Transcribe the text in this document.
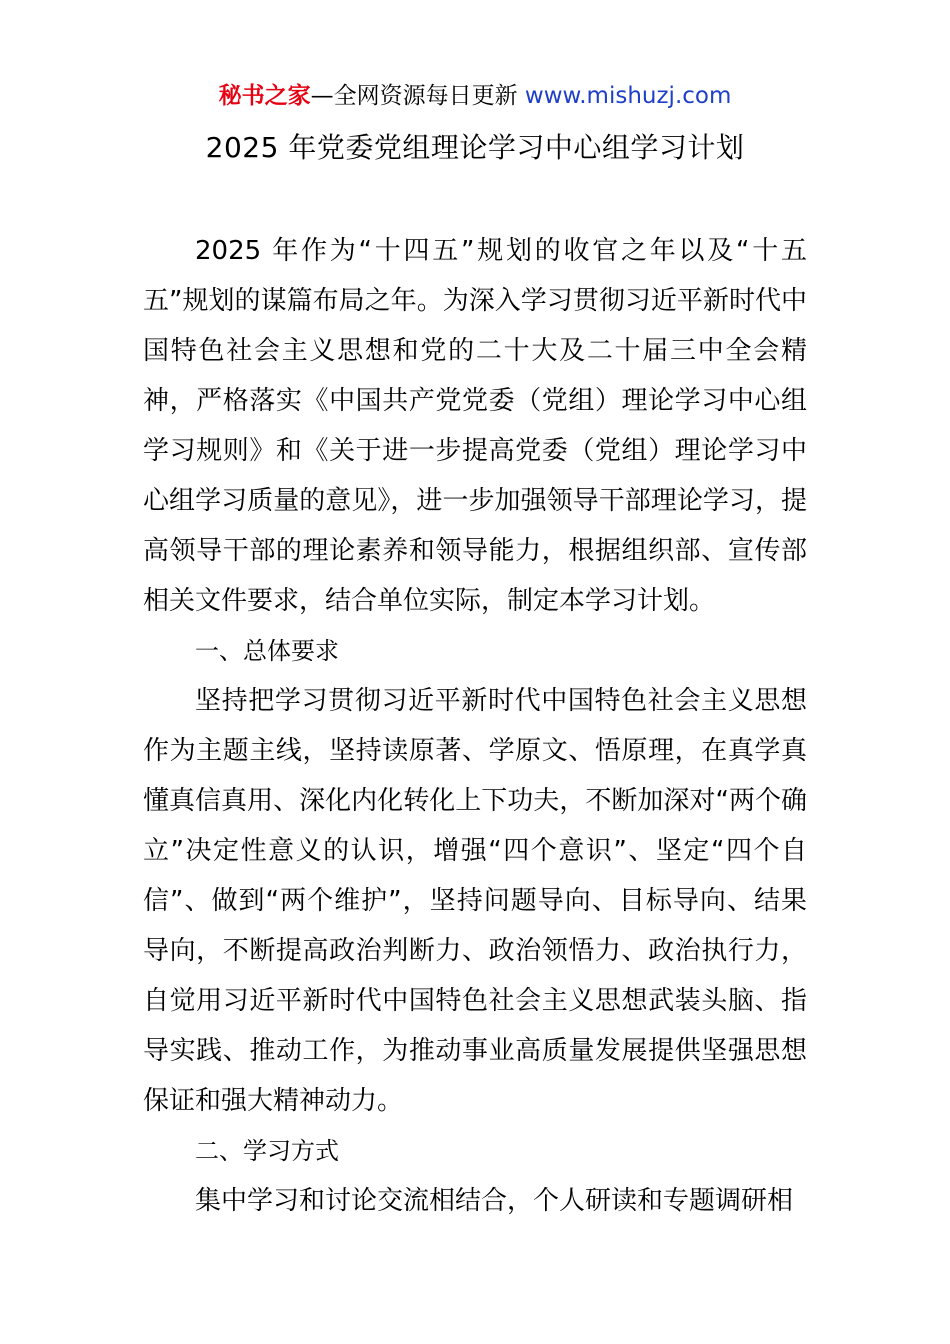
秘书之家—全网资源每日更新 www.mishuzj.com
2025 年党委党组理论学习中心组学习计划

2025 年作为“十四五”规划的收官之年以及“十五五”规划的谋篇布局之年。为深入学习贯彻习近平新时代中国特色社会主义思想和党的二十大及二十届三中全会精神，严格落实《中国共产党党委（党组）理论学习中心组学习规则》和《关于进一步提高党委（党组）理论学习中心组学习质量的意见》，进一步加强领导干部理论学习，提高领导干部的理论素养和领导能力，根据组织部、宣传部相关文件要求，结合单位实际，制定本学习计划。

一、总体要求

坚持把学习贯彻习近平新时代中国特色社会主义思想作为主题主线，坚持读原著、学原文、悟原理，在真学真懂真信真用、深化内化转化上下功夫，不断加深对“两个确立”决定性意义的认识，增强“四个意识”、坚定“四个自信”、做到“两个维护”，坚持问题导向、目标导向、结果导向，不断提高政治判断力、政治领悟力、政治执行力，自觉用习近平新时代中国特色社会主义思想武装头脑、指导实践、推动工作，为推动事业高质量发展提供坚强思想保证和强大精神动力。

二、学习方式

集中学习和讨论交流相结合，个人研读和专题调研相
